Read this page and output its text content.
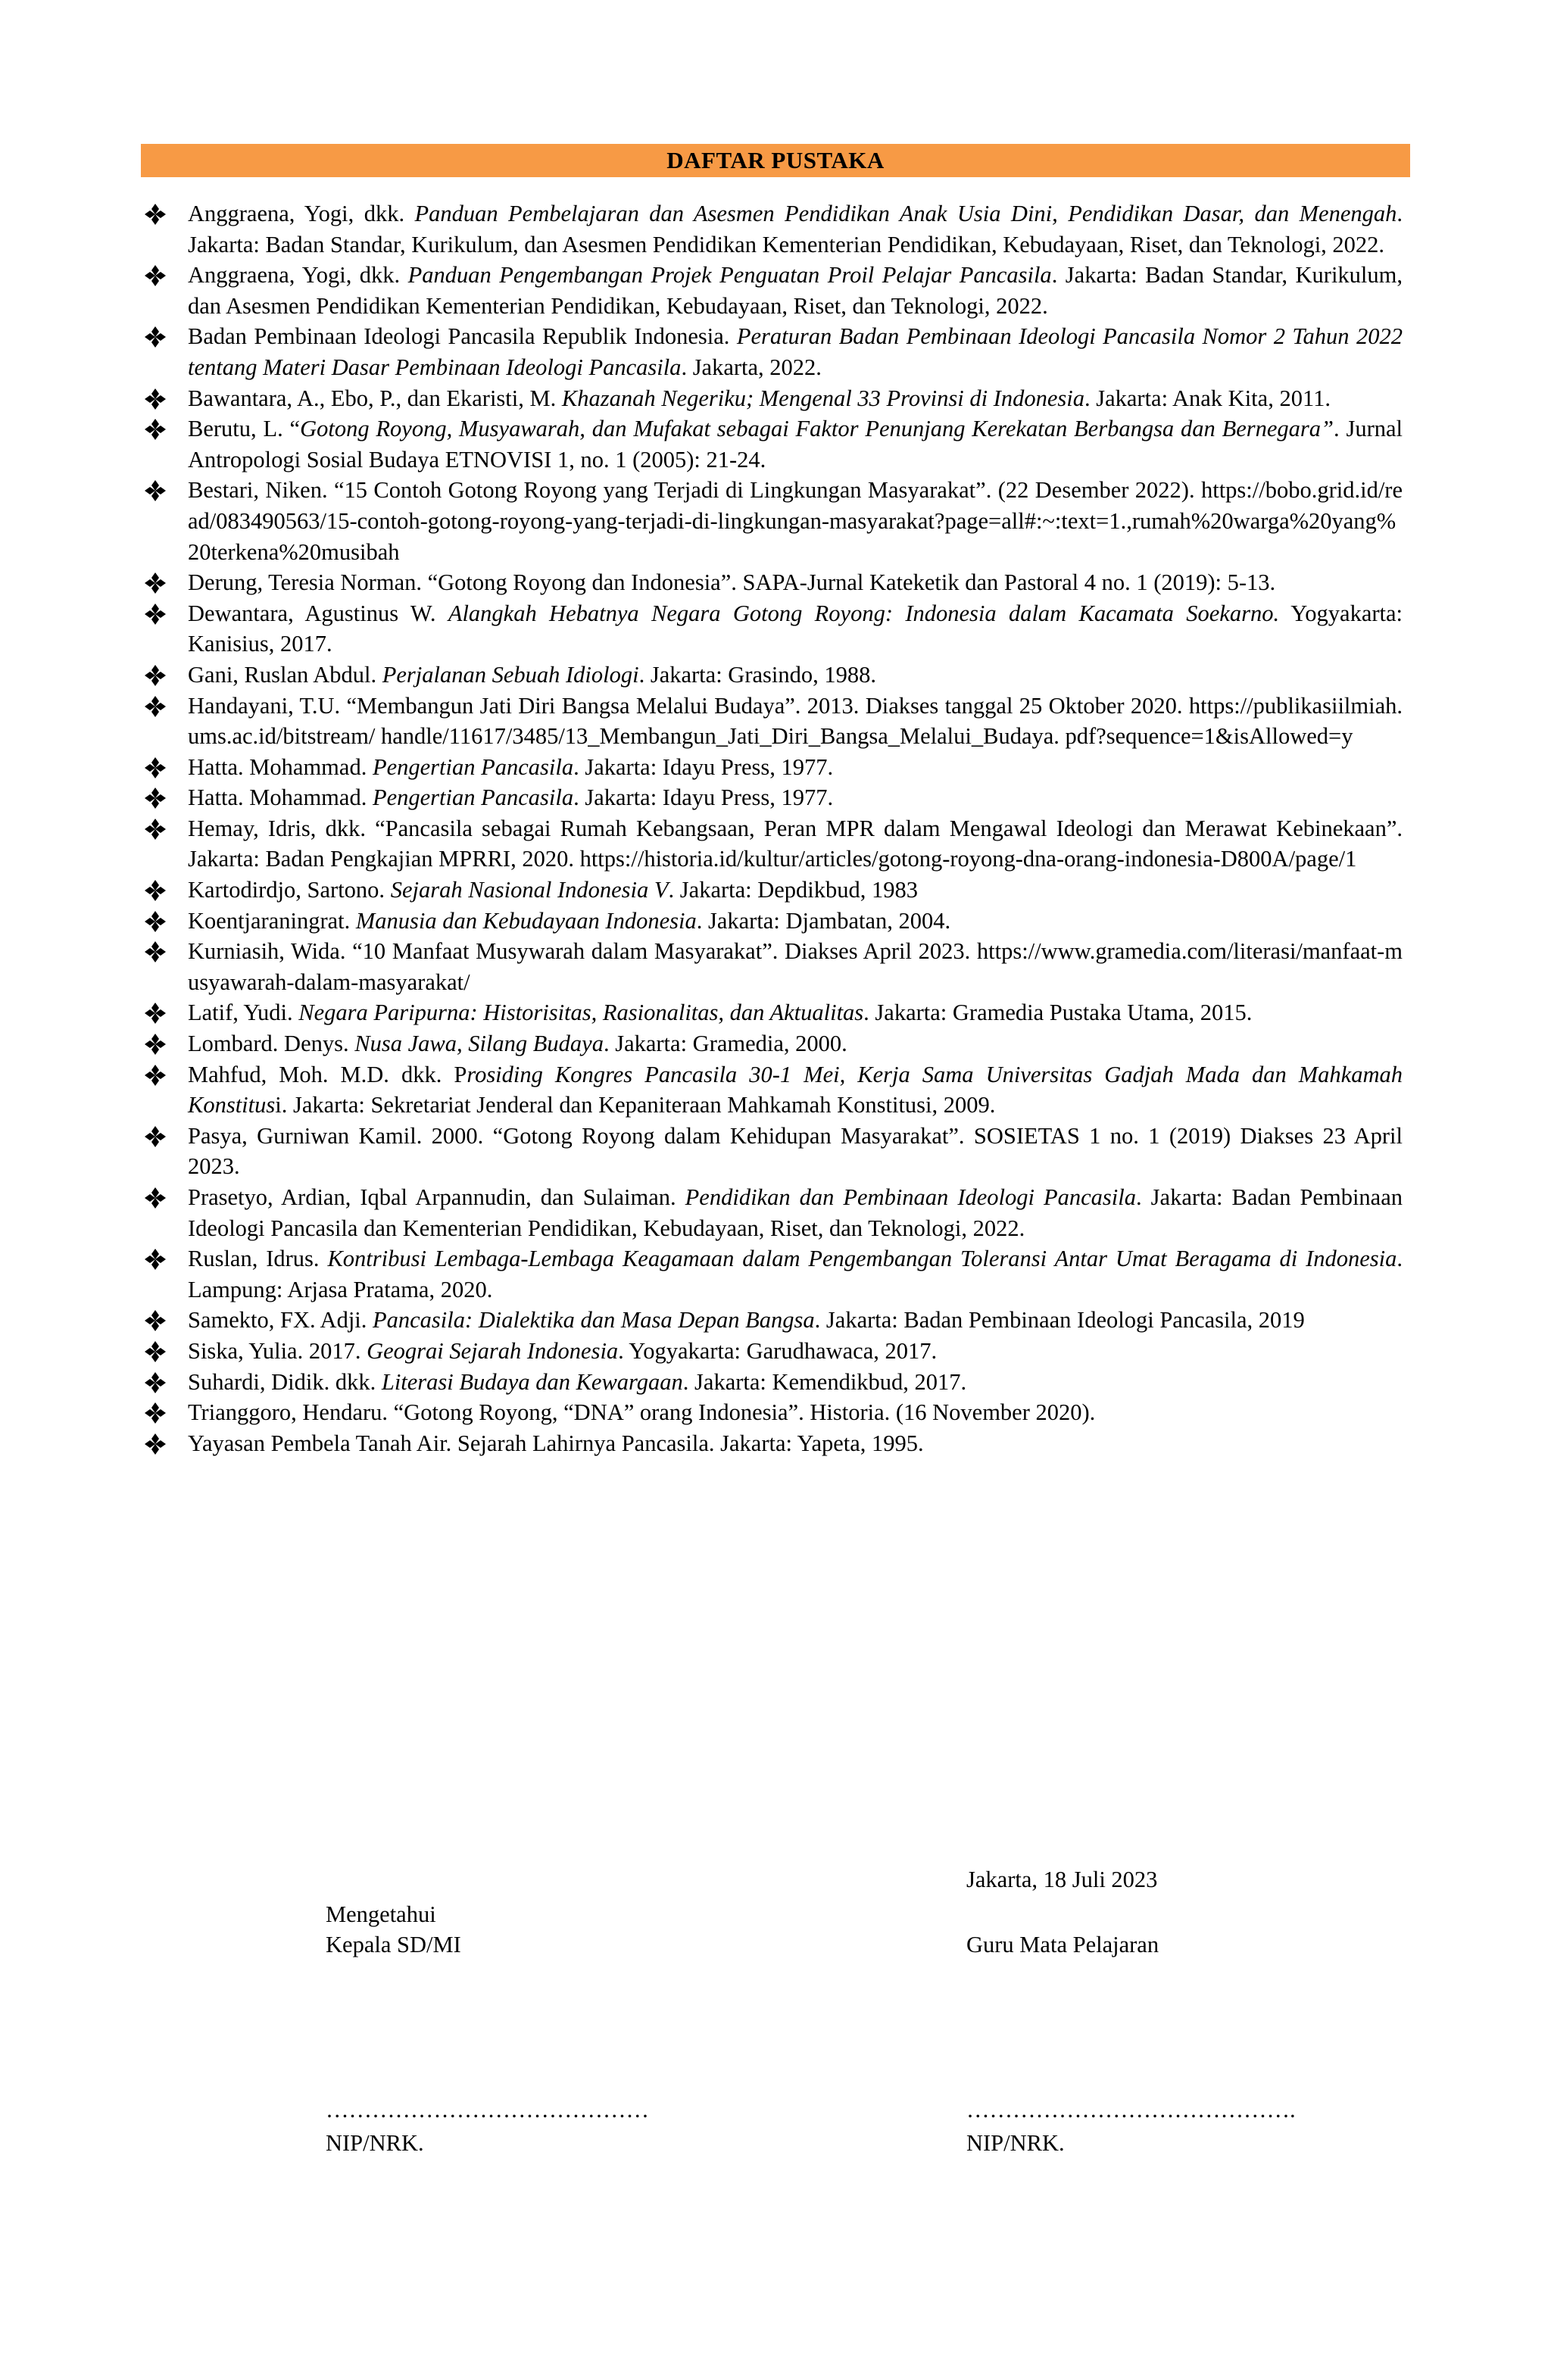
DAFTAR PUSTAKA
Anggraena, Yogi, dkk. Panduan Pembelajaran dan Asesmen Pendidikan Anak Usia Dini, Pendidikan Dasar, dan Menengah. Jakarta: Badan Standar, Kurikulum, dan Asesmen Pendidikan Kementerian Pendidikan, Kebudayaan, Riset, dan Teknologi, 2022.
Anggraena, Yogi, dkk. Panduan Pengembangan Projek Penguatan Proil Pelajar Pancasila. Jakarta: Badan Standar, Kurikulum, dan Asesmen Pendidikan Kementerian Pendidikan, Kebudayaan, Riset, dan Teknologi, 2022.
Badan Pembinaan Ideologi Pancasila Republik Indonesia. Peraturan Badan Pembinaan Ideologi Pancasila Nomor 2 Tahun 2022 tentang Materi Dasar Pembinaan Ideologi Pancasila. Jakarta, 2022.
Bawantara, A., Ebo, P., dan Ekaristi, M. Khazanah Negeriku; Mengenal 33 Provinsi di Indonesia. Jakarta: Anak Kita, 2011.
Berutu, L. “Gotong Royong, Musyawarah, dan Mufakat sebagai Faktor Penunjang Kerekatan Berbangsa dan Bernegara”. Jurnal Antropologi Sosial Budaya ETNOVISI 1, no. 1 (2005): 21-24.
Bestari, Niken. “15 Contoh Gotong Royong yang Terjadi di Lingkungan Masyarakat”. (22 Desember 2022). https://bobo.grid.id/read/083490563/15-contoh-gotong-royong-yang-terjadi-di-lingkungan-masyarakat?page=all#:~:text=1.,rumah%20warga%20yang%20terkena%20musibah
Derung, Teresia Norman. “Gotong Royong dan Indonesia”. SAPA-Jurnal Kateketik dan Pastoral 4 no. 1 (2019): 5-13.
Dewantara, Agustinus W. Alangkah Hebatnya Negara Gotong Royong: Indonesia dalam Kacamata Soekarno. Yogyakarta: Kanisius, 2017.
Gani, Ruslan Abdul. Perjalanan Sebuah Idiologi. Jakarta: Grasindo, 1988.
Handayani, T.U. “Membangun Jati Diri Bangsa Melalui Budaya”. 2013. Diakses tanggal 25 Oktober 2020. https://publikasiilmiah.ums.ac.id/bitstream/ handle/11617/3485/13_Membangun_Jati_Diri_Bangsa_Melalui_Budaya. pdf?sequence=1&isAllowed=y
Hatta. Mohammad. Pengertian Pancasila. Jakarta: Idayu Press, 1977.
Hatta. Mohammad. Pengertian Pancasila. Jakarta: Idayu Press, 1977.
Hemay, Idris, dkk. “Pancasila sebagai Rumah Kebangsaan, Peran MPR dalam Mengawal Ideologi dan Merawat Kebinekaan”. Jakarta: Badan Pengkajian MPRRI, 2020. https://historia.id/kultur/articles/gotong-royong-dna-orang-indonesia-D800A/page/1
Kartodirdjo, Sartono. Sejarah Nasional Indonesia V. Jakarta: Depdikbud, 1983
Koentjaraningrat. Manusia dan Kebudayaan Indonesia. Jakarta: Djambatan, 2004.
Kurniasih, Wida. “10 Manfaat Musywarah dalam Masyarakat”. Diakses April 2023. https://www.gramedia.com/literasi/manfaat-musyawarah-dalam-masyarakat/
Latif, Yudi. Negara Paripurna: Historisitas, Rasionalitas, dan Aktualitas. Jakarta: Gramedia Pustaka Utama, 2015.
Lombard. Denys. Nusa Jawa, Silang Budaya. Jakarta: Gramedia, 2000.
Mahfud, Moh. M.D. dkk. Prosiding Kongres Pancasila 30-1 Mei, Kerja Sama Universitas Gadjah Mada dan Mahkamah Konstitusi. Jakarta: Sekretariat Jenderal dan Kepaniteraan Mahkamah Konstitusi, 2009.
Pasya, Gurniwan Kamil. 2000. “Gotong Royong dalam Kehidupan Masyarakat”. SOSIETAS 1 no. 1 (2019) Diakses 23 April 2023.
Prasetyo, Ardian, Iqbal Arpannudin, dan Sulaiman. Pendidikan dan Pembinaan Ideologi Pancasila. Jakarta: Badan Pembinaan Ideologi Pancasila dan Kementerian Pendidikan, Kebudayaan, Riset, dan Teknologi, 2022.
Ruslan, Idrus. Kontribusi Lembaga-Lembaga Keagamaan dalam Pengembangan Toleransi Antar Umat Beragama di Indonesia. Lampung: Arjasa Pratama, 2020.
Samekto, FX. Adji. Pancasila: Dialektika dan Masa Depan Bangsa. Jakarta: Badan Pembinaan Ideologi Pancasila, 2019
Siska, Yulia. 2017. Geograi Sejarah Indonesia. Yogyakarta: Garudhawaca, 2017.
Suhardi, Didik. dkk. Literasi Budaya dan Kewargaan. Jakarta: Kemendikbud, 2017.
Trianggoro, Hendaru. “Gotong Royong, “DNA” orang Indonesia”. Historia. (16 November 2020).
Yayasan Pembela Tanah Air. Sejarah Lahirnya Pancasila. Jakarta: Yapeta, 1995.
Jakarta, 18 Juli 2023
Mengetahui
Kepala SD/MI	Guru Mata Pelajaran
……………………………………	…………………………………….
NIP/NRK.	NIP/NRK.
